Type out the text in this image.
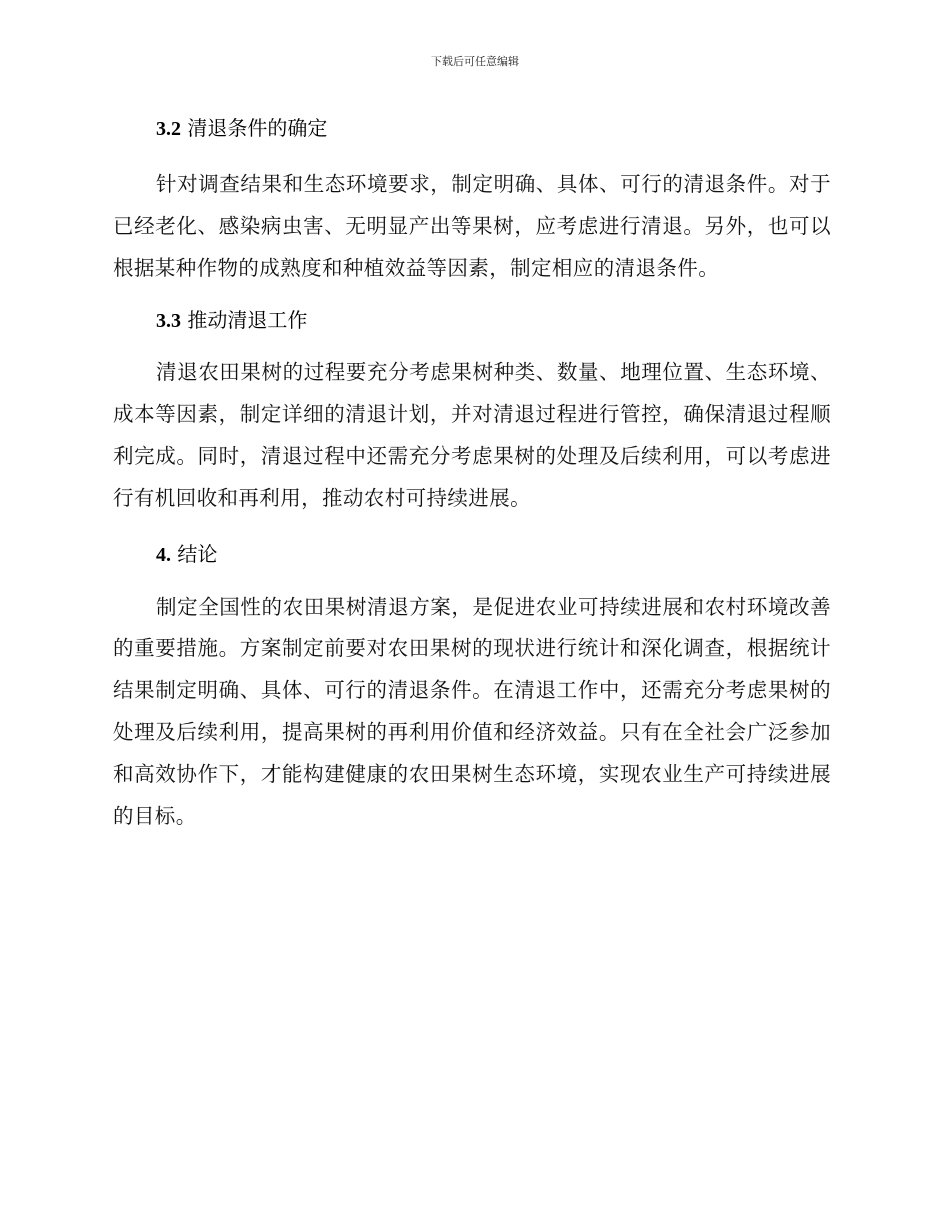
下载后可任意编辑
3.2 清退条件的确定

针对调查结果和生态环境要求，制定明确、具体、可行的清退条件。对于已经老化、感染病虫害、无明显产出等果树，应考虑进行清退。另外，也可以根据某种作物的成熟度和种植效益等因素，制定相应的清退条件。

3.3 推动清退工作

清退农田果树的过程要充分考虑果树种类、数量、地理位置、生态环境、成本等因素，制定详细的清退计划，并对清退过程进行管控，确保清退过程顺利完成。同时，清退过程中还需充分考虑果树的处理及后续利用，可以考虑进行有机回收和再利用，推动农村可持续进展。

4. 结论

制定全国性的农田果树清退方案，是促进农业可持续进展和农村环境改善的重要措施。方案制定前要对农田果树的现状进行统计和深化调查，根据统计结果制定明确、具体、可行的清退条件。在清退工作中，还需充分考虑果树的处理及后续利用，提高果树的再利用价值和经济效益。只有在全社会广泛参加和高效协作下，才能构建健康的农田果树生态环境，实现农业生产可持续进展的目标。
